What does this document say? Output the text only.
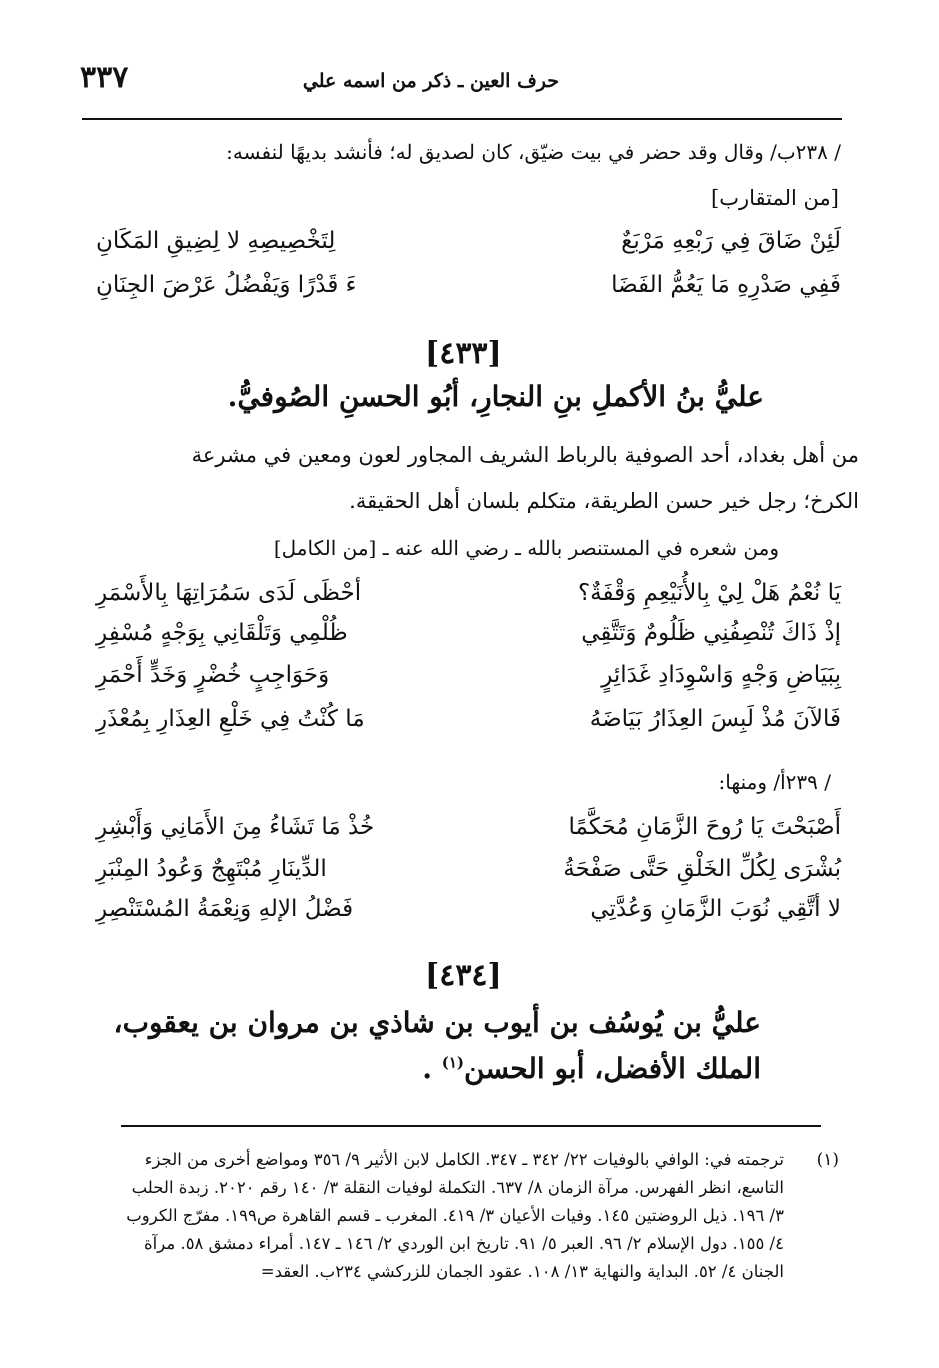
٣٣٧	حرف العين ـ ذكر من اسمه علي
/ ٢٣٨ب/ وقال وقد حضر في بيت ضيّق، كان لصديق له؛ فأنشد بديهًا لنفسه:
[من المتقارب]
لَئِنْ ضَاقَ فِي رَبْعِهِ مَرْبَعٌ
لِتَخْصِيصِهِ لا لِضِيقِ المَكَانِ
فَفِي صَدْرِهِ مَا يَعُمُّ الفَضَا
ءَ قَدْرًا وَيَفْضُلُ عَرْضَ الجِنَانِ
[٤٣٣]
عليُّ بنُ الأكملِ بنِ النجارِ، أبُو الحسنِ الصُوفيُّ.
من أهل بغداد، أحد الصوفية بالرباط الشريف المجاور لعون ومعين في مشرعة
الكرخ؛ رجل خير حسن الطريقة، متكلم بلسان أهل الحقيقة.
ومن شعره في المستنصر بالله ـ رضي الله عنه ـ [من الكامل]
يَا نُعْمُ هَلْ لِيْ بِالأُنَيْعِمِ وَقْفَةٌ؟
أحْظَى لَدَى سَمُرَاتِهَا بِالأَسْمَرِ
إذْ ذَاكَ تُنْصِفُنِي ظَلُومٌ وَتَتَّقِي
ظُلْمِي وَتَلْقَانِي بِوَجْهٍ مُسْفِرِ
بِبَيَاضِ وَجْهٍ وَاسْوِدَادِ غَدَائِرٍ
وَحَوَاجِبٍ خُضْرٍ وَخَدٍّ أَحْمَرِ
فَالآنَ مُذْ لَبِسَ العِذَارُ بَيَاضَهُ
مَا كُنْتُ فِي خَلْعِ العِذَارِ بِمُعْذَرِ
/ ٢٣٩أ/ ومنها:
أَصْبَحْتَ يَا رُوحَ الزَّمَانِ مُحَكَّمًا
خُذْ مَا تَشَاءُ مِنَ الأَمَانِي وَأَبْشِرِ
بُشْرَى لِكُلِّ الخَلْقِ حَتَّى صَفْحَةُ
الدِّينَارِ مُبْتَهِجٌ وَعُودُ المِنْبَرِ
لا أتَّقِي نُوَبَ الزَّمَانِ وَعُدَّتِي
فَضْلُ الإلهِ وَنِعْمَةُ المُسْتَنْصِرِ
[٤٣٤]
عليُّ بن يُوسُف بن أيوب بن شاذي بن مروان بن يعقوب،
الملك الأفضل، أبو الحسن$^{(١)}$ .
(١)
ترجمته في: الوافي بالوفيات ٢٢/ ٣٤٢ ـ ٣٤٧. الكامل لابن الأثير ٩/ ٣٥٦ ومواضع أخرى من الجزء
التاسع، انظر الفهرس. مرآة الزمان ٨/ ٦٣٧. التكملة لوفيات النقلة ٣/ ١٤٠ رقم ٢٠٢٠. زبدة الحلب
٣/ ١٩٦. ذيل الروضتين ١٤٥. وفيات الأعيان ٣/ ٤١٩. المغرب ـ قسم القاهرة ص١٩٩. مفرّج الكروب
٤/ ١٥٥. دول الإسلام ٢/ ٩٦. العبر ٥/ ٩١. تاريخ ابن الوردي ٢/ ١٤٦ ـ ١٤٧. أمراء دمشق ٥٨. مرآة
الجنان ٤/ ٥٢. البداية والنهاية ١٣/ ١٠٨. عقود الجمان للزركشي ٢٣٤ب. العقد=
